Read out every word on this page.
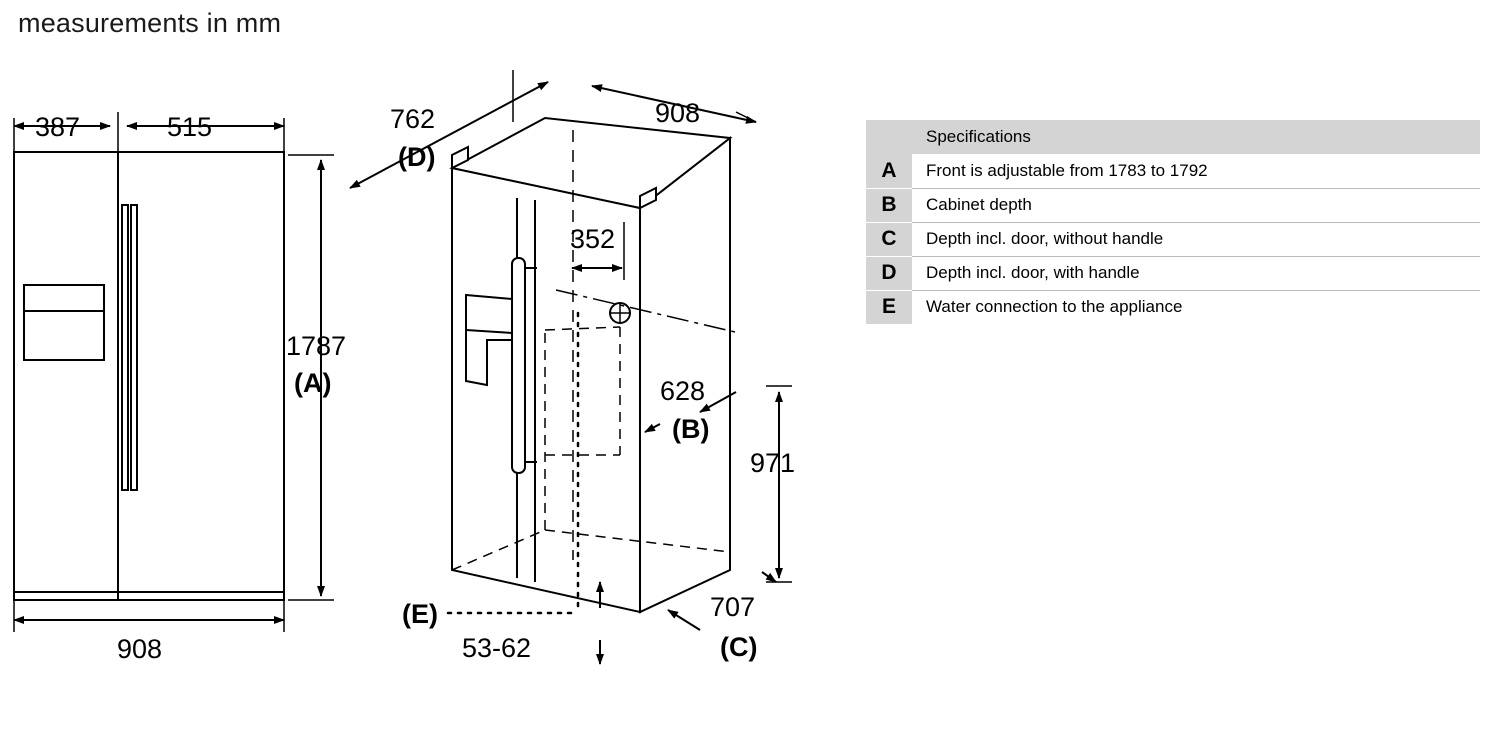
measurements in mm
387	515
1787
(A)
908
(E)
762
(D)
908
352
628
(B)
971
707
(C)
53-62
	Specifications
A	Front is adjustable from 1783 to 1792
B	Cabinet depth
C	Depth incl. door, without handle
D	Depth incl. door, with handle
E	Water connection to the appliance
